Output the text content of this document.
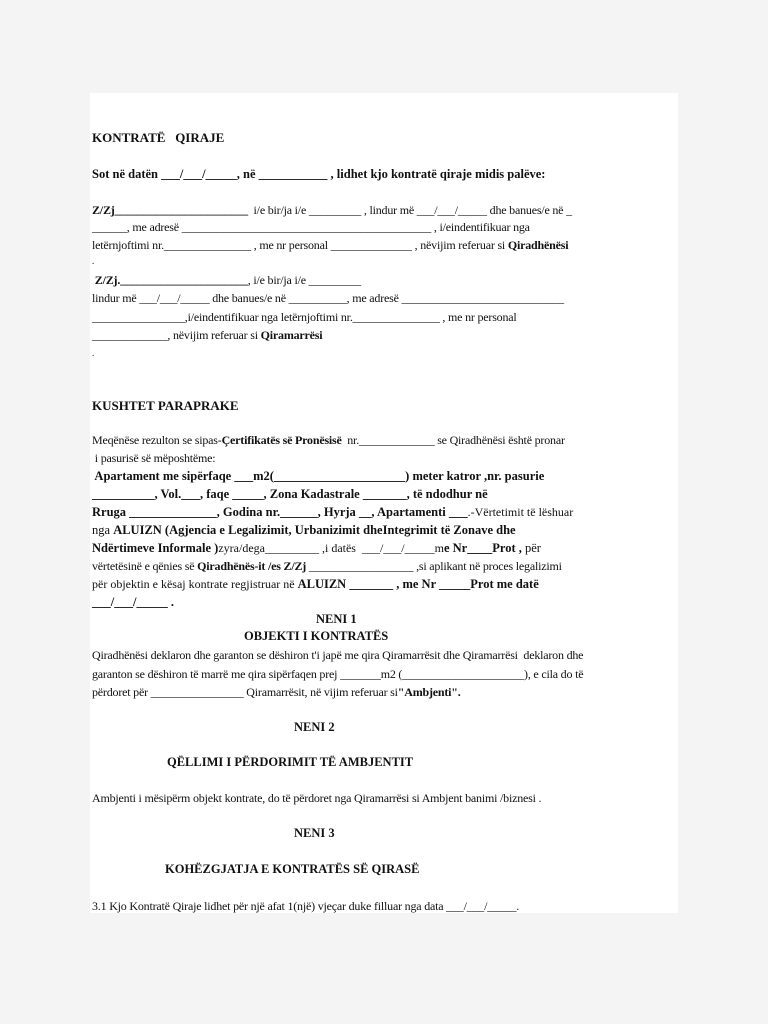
KONTRATË QIRAJE
Sot në datën ___/___/_____, në ___________ , lidhet kjo kontratë qiraje midis palëve:
Z/Zj_______________________  i/e bir/ja i/e _________ , lindur më ___/___/_____ dhe banues/e në _
______, me adresë ___________________________________________ , i/eindentifikuar nga
letërnjoftimi nr._______________ , me nr personal ______________ , nëvijim referuar si Qiradhënësi
.
Z/Zj.______________________, i/e bir/ja i/e _________
lindur më ___/___/_____ dhe banues/e në __________, me adresë ____________________________
________________,i/eindentifikuar nga letërnjoftimi nr._______________ , me nr personal
_____________, nëvijim referuar si Qiramarrësi
.
KUSHTET PARAPRAKE
Meqënëse rezulton se sipas-Çertifikatës së Pronësisë  nr._____________ se Qiradhënësi është pronar
i pasurisë së mëposhtëme:
Apartament me sipërfaqe ___m2(_____________________) meter katror ,nr. pasurie
__________, Vol.___, faqe _____, Zona Kadastrale _______, të ndodhur në
Rruga ______________, Godina nr.______, Hyrja __, Apartamenti ___.-Vërtetimit të lëshuar
nga ALUIZN (Agjencia e Legalizimit, Urbanizimit dheIntegrimit të Zonave dhe
Ndërtimeve Informale )zyra/dega_________ ,i datës  ___/___/_____me Nr____Prot , për
vërtetësinë e qënies së Qiradhënës-it /es Z/Zj __________________ ,si aplikant në proces legalizimi
për objektin e kësaj kontrate regjistruar në ALUIZN _______ , me Nr _____Prot me datë
___/___/_____ .
NENI 1
OBJEKTI I KONTRATËS
Qiradhënësi deklaron dhe garanton se dëshiron t'i japë me qira Qiramarrësit dhe Qiramarrësi  deklaron dhe
garanton se dëshiron të marrë me qira sipërfaqen prej _______m2 (_____________________), e cila do të
përdoret për ________________ Qiramarrësit, në vijim referuar si"Ambjenti".
NENI 2
QËLLIMI I PËRDORIMIT TË AMBJENTIT
Ambjenti i mësipërm objekt kontrate, do të përdoret nga Qiramarrësi si Ambjent banimi /biznesi .
NENI 3
KOHËZGJATJA E KONTRATËS SË QIRASË
3.1 Kjo Kontratë Qiraje lidhet për një afat 1(një) vjeçar duke filluar nga data ___/___/_____.
